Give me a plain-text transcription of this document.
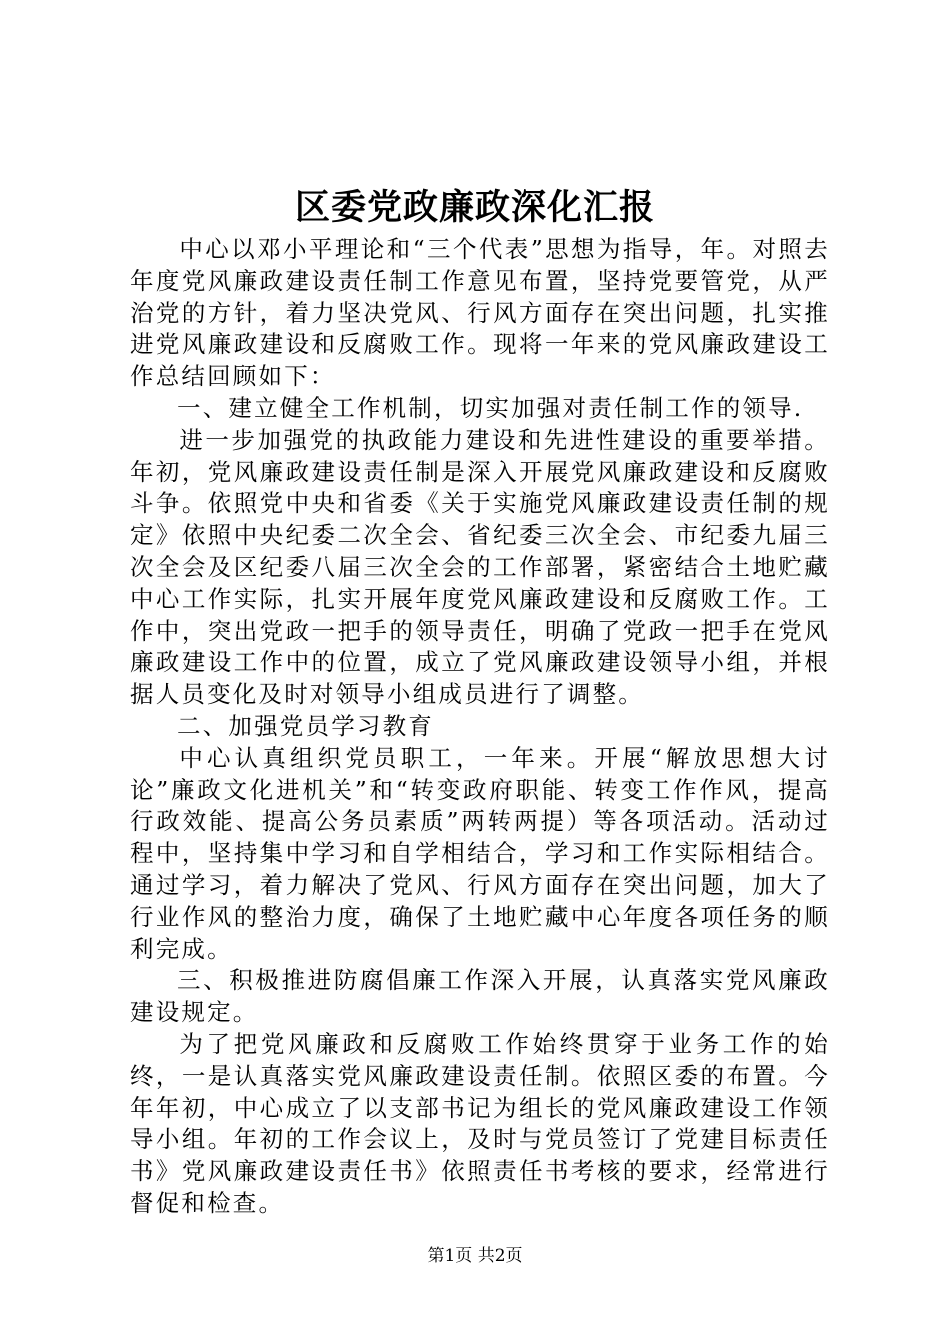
区委党政廉政深化汇报

中心以邓小平理论和“三个代表”思想为指导，年。对照去年度党风廉政建设责任制工作意见布置，坚持党要管党，从严治党的方针，着力坚决党风、行风方面存在突出问题，扎实推进党风廉政建设和反腐败工作。现将一年来的党风廉政建设工作总结回顾如下：

一、建立健全工作机制，切实加强对责任制工作的领导.

进一步加强党的执政能力建设和先进性建设的重要举措。年初，党风廉政建设责任制是深入开展党风廉政建设和反腐败斗争。依照党中央和省委《关于实施党风廉政建设责任制的规定》依照中央纪委二次全会、省纪委三次全会、市纪委九届三次全会及区纪委八届三次全会的工作部署，紧密结合土地贮藏中心工作实际，扎实开展年度党风廉政建设和反腐败工作。工作中，突出党政一把手的领导责任，明确了党政一把手在党风廉政建设工作中的位置，成立了党风廉政建设领导小组，并根据人员变化及时对领导小组成员进行了调整。

二、加强党员学习教育

中心认真组织党员职工，一年来。开展“解放思想大讨论”廉政文化进机关”和“转变政府职能、转变工作作风，提高行政效能、提高公务员素质”两转两提）等各项活动。活动过程中，坚持集中学习和自学相结合，学习和工作实际相结合。通过学习，着力解决了党风、行风方面存在突出问题，加大了行业作风的整治力度，确保了土地贮藏中心年度各项任务的顺利完成。

三、积极推进防腐倡廉工作深入开展，认真落实党风廉政建设规定。

为了把党风廉政和反腐败工作始终贯穿于业务工作的始终，一是认真落实党风廉政建设责任制。依照区委的布置。今年年初，中心成立了以支部书记为组长的党风廉政建设工作领导小组。年初的工作会议上，及时与党员签订了党建目标责任书》党风廉政建设责任书》依照责任书考核的要求，经常进行督促和检查。

第1页 共2页
